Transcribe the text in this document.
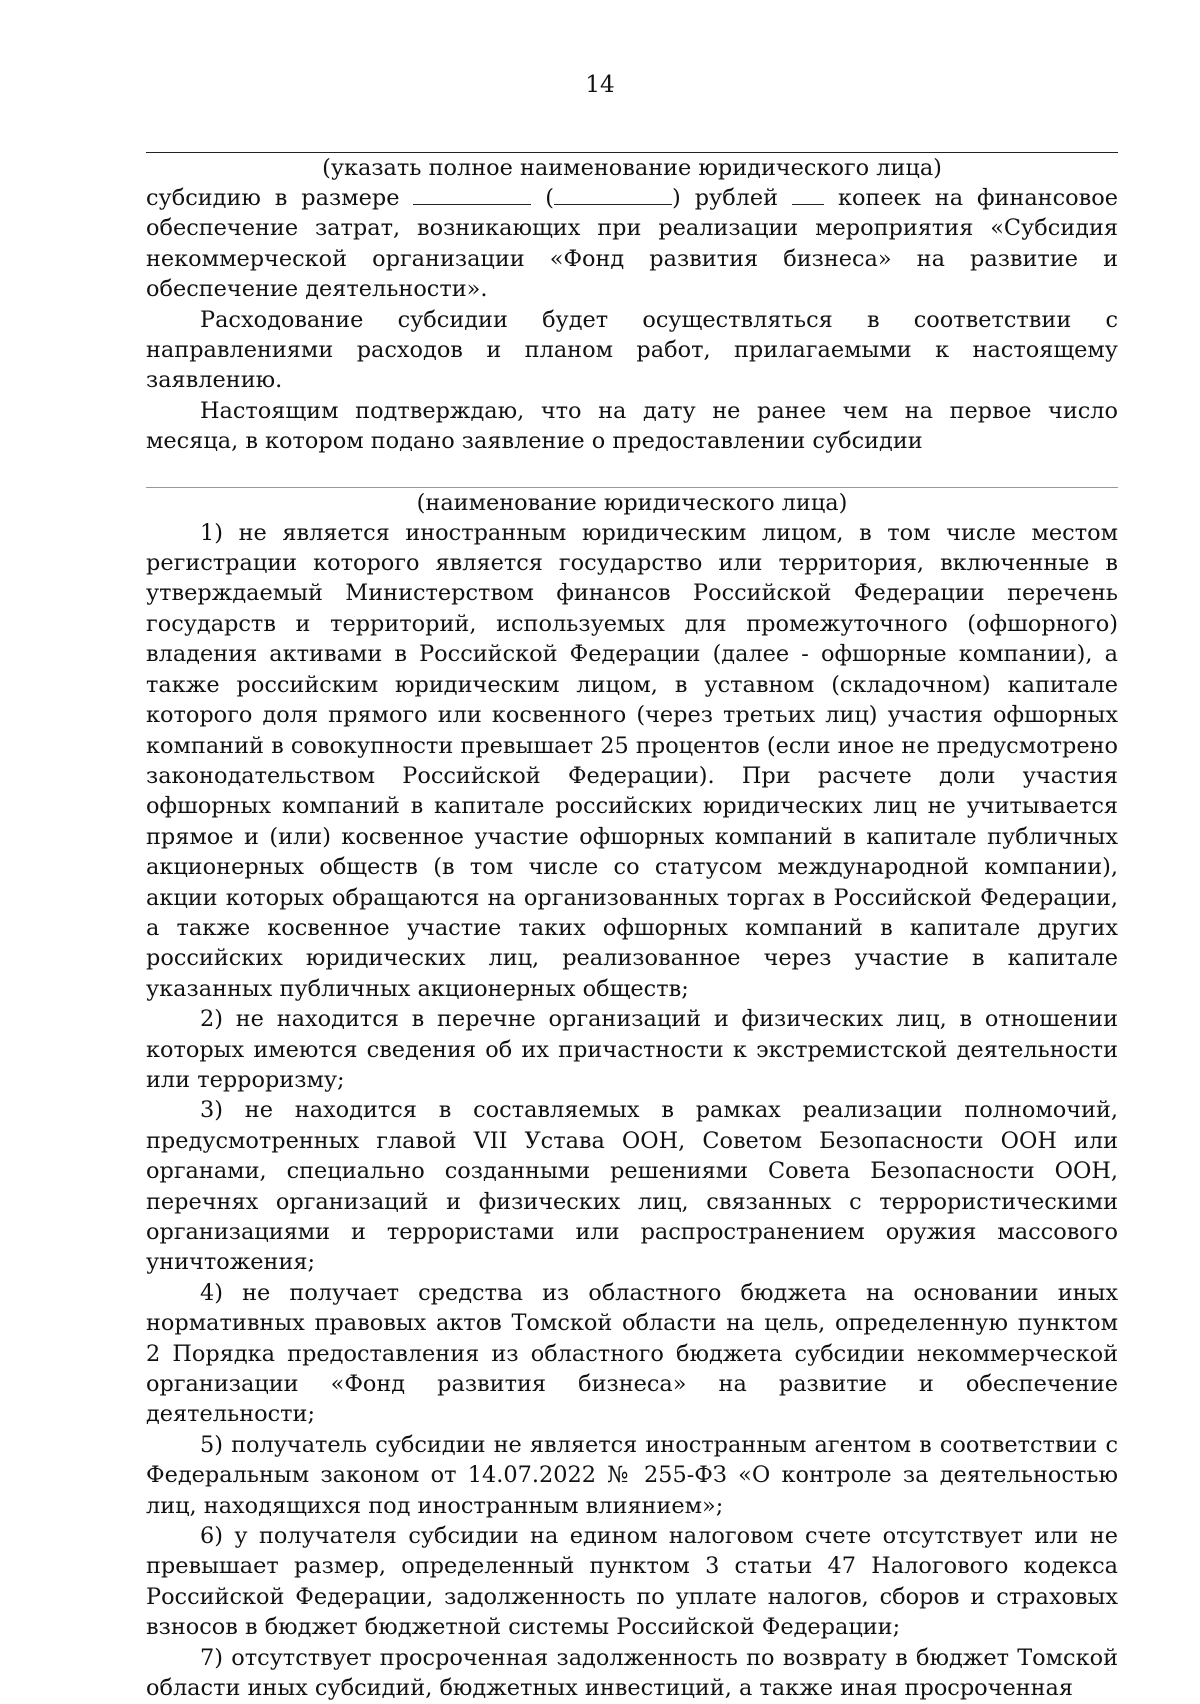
14

(указать полное наименование юридического лица)

субсидию в размере	(	) рублей	копеек на финансовое обеспечение затрат, возникающих при реализации мероприятия «Субсидия некоммерческой организации «Фонд развития бизнеса» на развитие и обеспечение деятельности».

Расходование субсидии будет осуществляться в соответствии с направлениями расходов и планом работ, прилагаемыми к настоящему заявлению.

Настоящим подтверждаю, что на дату не ранее чем на первое число месяца, в котором подано заявление о предоставлении субсидии

(наименование юридического лица)

1) не является иностранным юридическим лицом, в том числе местом регистрации которого является государство или территория, включенные в утверждаемый Министерством финансов Российской Федерации перечень государств и территорий, используемых для промежуточного (офшорного) владения активами в Российской Федерации (далее - офшорные компании), а также российским юридическим лицом, в уставном (складочном) капитале которого доля прямого или косвенного (через третьих лиц) участия офшорных компаний в совокупности превышает 25 процентов (если иное не предусмотрено законодательством Российской Федерации). При расчете доли участия офшорных компаний в капитале российских юридических лиц не учитывается прямое и (или) косвенное участие офшорных компаний в капитале публичных акционерных обществ (в том числе со статусом международной компании), акции которых обращаются на организованных торгах в Российской Федерации, а также косвенное участие таких офшорных компаний в капитале других российских юридических лиц, реализованное через участие в капитале указанных публичных акционерных обществ;

2) не находится в перечне организаций и физических лиц, в отношении которых имеются сведения об их причастности к экстремистской деятельности или терроризму;

3) не находится в составляемых в рамках реализации полномочий, предусмотренных главой VII Устава ООН, Советом Безопасности ООН или органами, специально созданными решениями Совета Безопасности ООН, перечнях организаций и физических лиц, связанных с террористическими организациями и террористами или распространением оружия массового уничтожения;

4) не получает средства из областного бюджета на основании иных нормативных правовых актов Томской области на цель, определенную пунктом 2 Порядка предоставления из областного бюджета субсидии некоммерческой организации «Фонд развития бизнеса» на развитие и обеспечение деятельности;

5) получатель субсидии не является иностранным агентом в соответствии с Федеральным законом от 14.07.2022 № 255-ФЗ «О контроле за деятельностью лиц, находящихся под иностранным влиянием»;

6) у получателя субсидии на едином налоговом счете отсутствует или не превышает размер, определенный пунктом 3 статьи 47 Налогового кодекса Российской Федерации, задолженность по уплате налогов, сборов и страховых взносов в бюджет бюджетной системы Российской Федерации;

7) отсутствует просроченная задолженность по возврату в бюджет Томской области иных субсидий, бюджетных инвестиций, а также иная просроченная
